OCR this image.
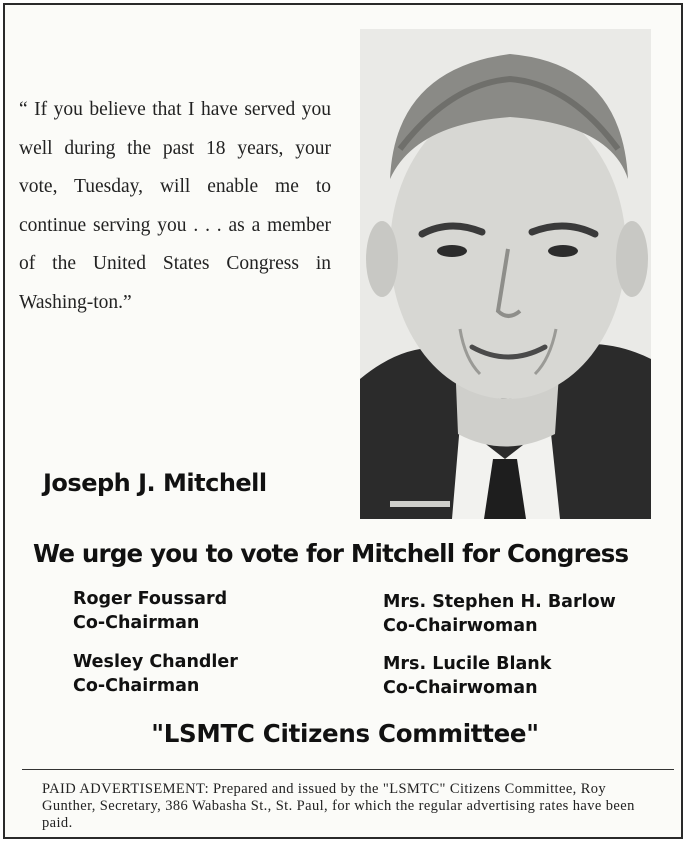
“ If you believe that I have served you well during the past 18 years, your vote, Tuesday, will enable me to continue serving you . . . as a member of the United States Congress in Washing-ton.”
Joseph J. Mitchell
We urge you to vote for Mitchell for Congress
Roger Foussard
Co-Chairman
Mrs. Stephen H. Barlow
Co-Chairwoman
Wesley Chandler
Co-Chairman
Mrs. Lucile Blank
Co-Chairwoman
"LSMTC Citizens Committee"
PAID ADVERTISEMENT: Prepared and issued by the "LSMTC" Citizens Committee, Roy Gunther, Secretary, 386 Wabasha St., St. Paul, for which the regular advertising rates have been paid.
